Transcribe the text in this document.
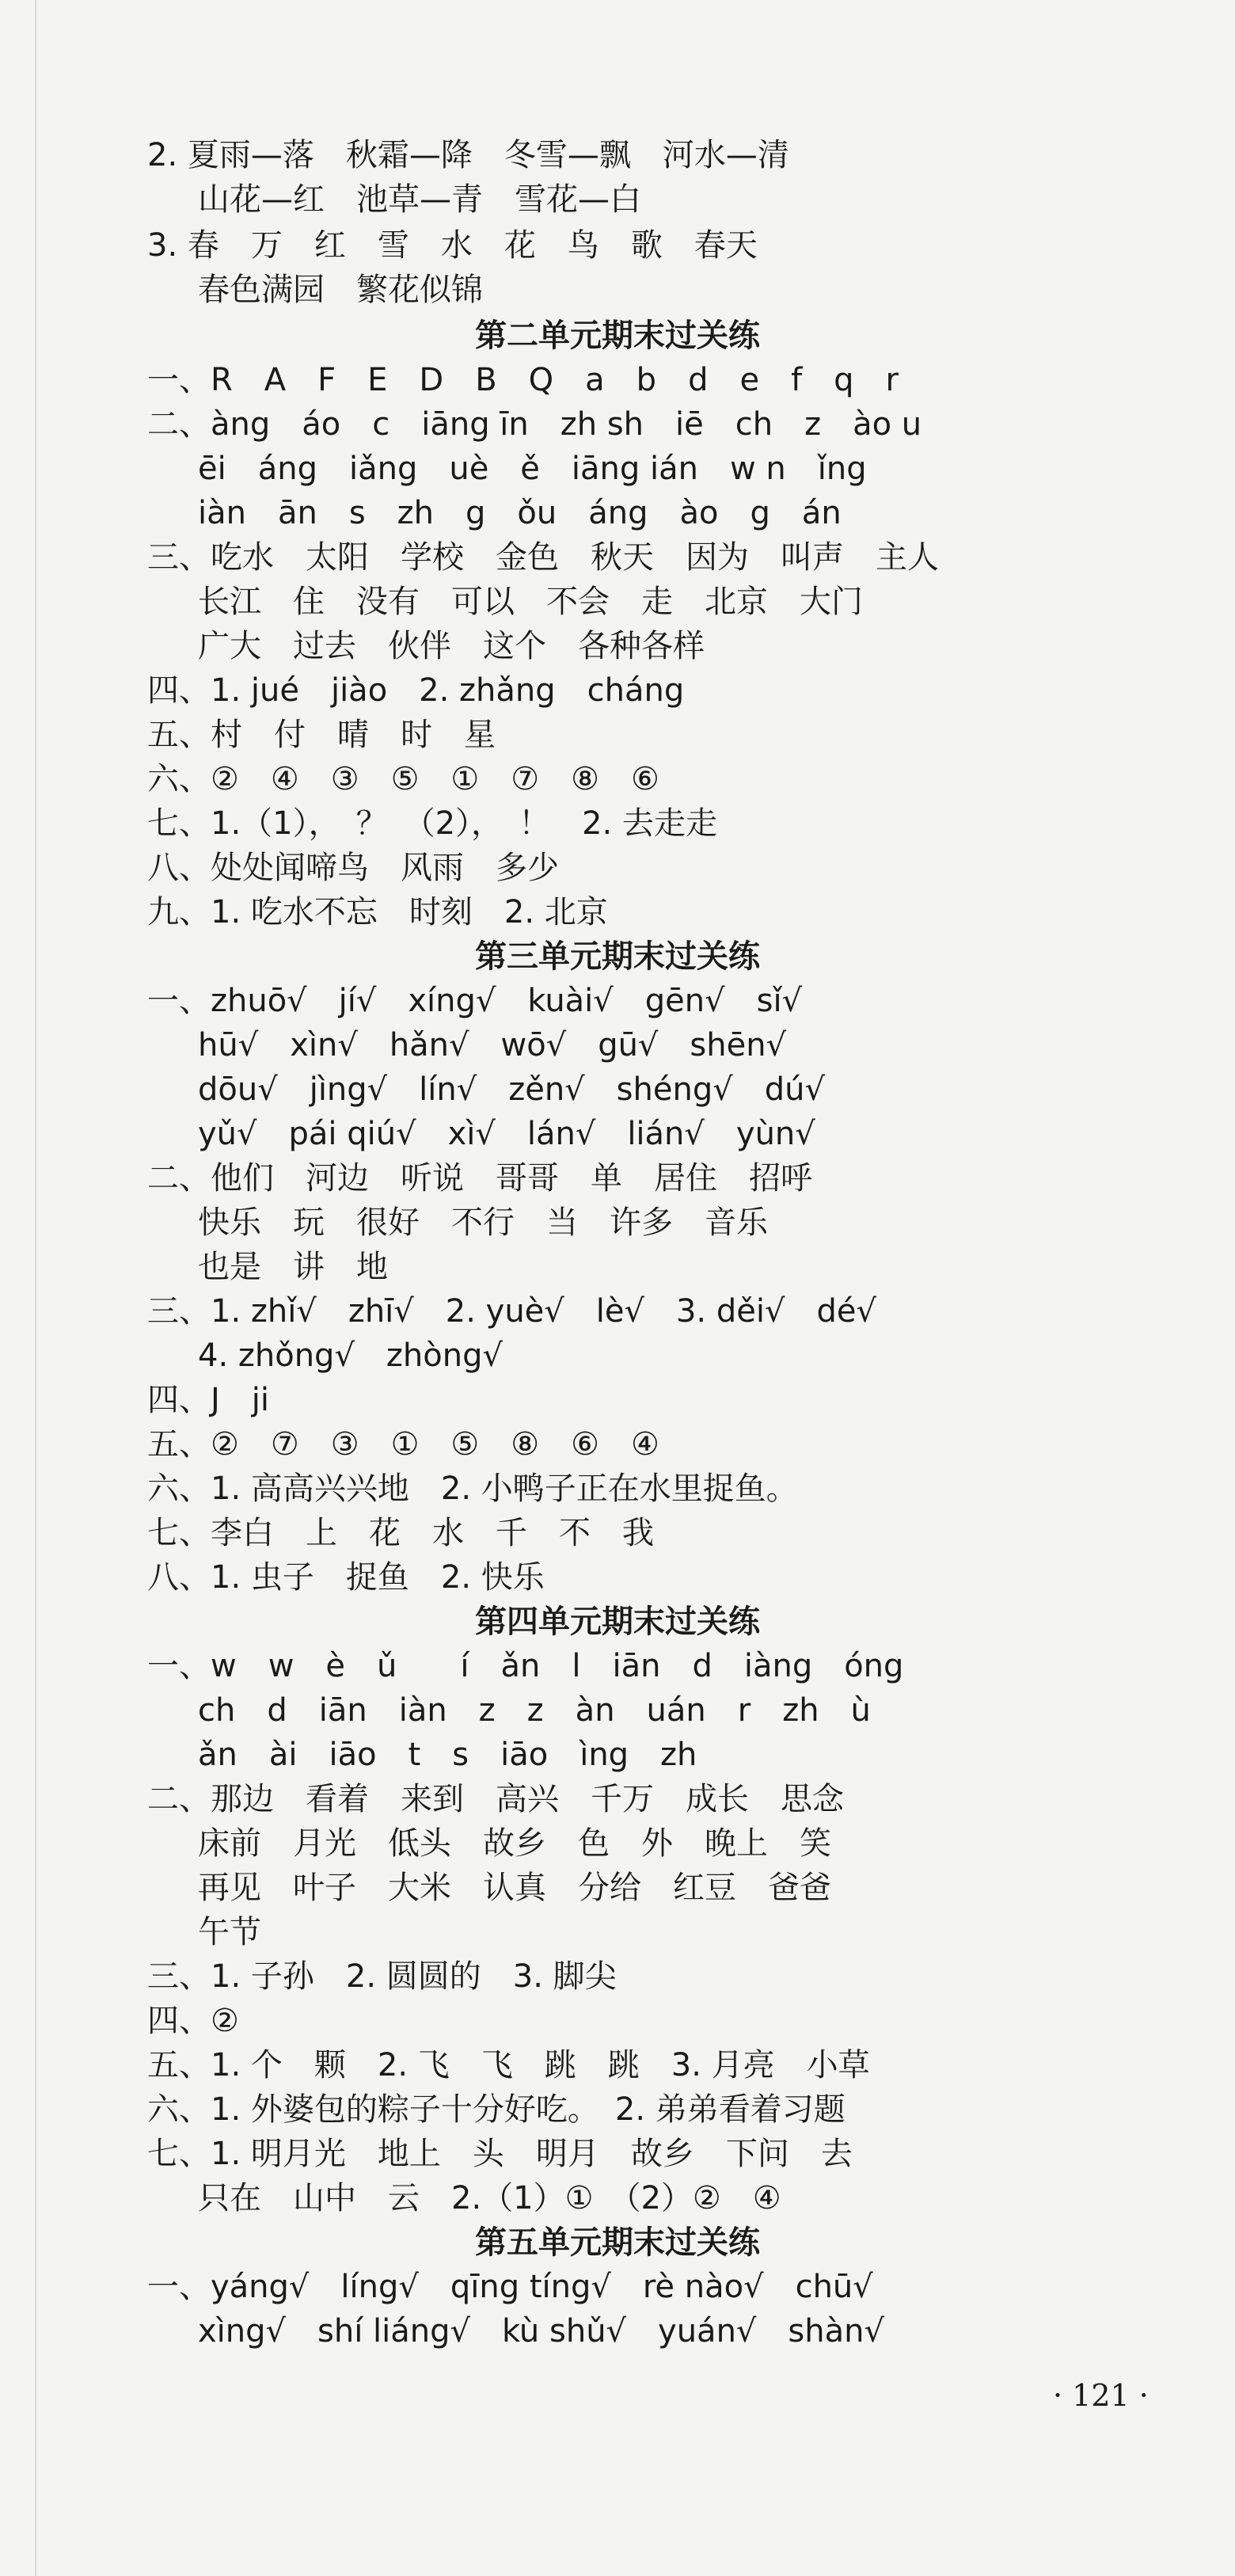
2. 夏雨—落　秋霜—降　冬雪—飘　河水—清
山花—红　池草—青　雪花—白
3. 春　万　红　雪　水　花　鸟　歌　春天
春色满园　繁花似锦
第二单元期末过关练
一、R　A　F　E　D　B　Q　a　b　d　e　f　q　r
二、àng　áo　c　iāng īn　zh sh　iē　ch　z　ào u
ēi　áng　iǎng　uè　ě　iāng ián　w n　ǐng
iàn　ān　s　zh　g　ǒu　áng　ào　g　án
三、吃水　太阳　学校　金色　秋天　因为　叫声　主人
长江　住　没有　可以　不会　走　北京　大门
广大　过去　伙伴　这个　各种各样
四、1. jué　jiào　2. zhǎng　cháng
五、村　付　晴　时　星
六、②　④　③　⑤　①　⑦　⑧　⑥
七、1.（1），　？　（2），　！　2. 去走走
八、处处闻啼鸟　风雨　多少
九、1. 吃水不忘　时刻　2. 北京
第三单元期末过关练
一、zhuō√　jí√　xíng√　kuài√　gēn√　sǐ√
hū√　xìn√　hǎn√　wō√　gū√　shēn√
dōu√　jìng√　lín√　zěn√　shéng√　dú√
yǔ√　pái qiú√　xì√　lán√　lián√　yùn√
二、他们　河边　听说　哥哥　单　居住　招呼
快乐　玩　很好　不行　当　许多　音乐
也是　讲　地
三、1. zhǐ√　zhī√　2. yuè√　lè√　3. děi√　dé√
4. zhǒng√　zhòng√
四、J　ji
五、②　⑦　③　①　⑤　⑧　⑥　④
六、1. 高高兴兴地　2. 小鸭子正在水里捉鱼。
七、李白　上　花　水　千　不　我
八、1. 虫子　捉鱼　2. 快乐
第四单元期末过关练
一、w　w　è　ǔ　　í　ǎn　l　iān　d　iàng　óng
ch　d　iān　iàn　z　z　àn　uán　r　zh　ù
ǎn　ài　iāo　t　s　iāo　ìng　zh
二、那边　看着　来到　高兴　千万　成长　思念
床前　月光　低头　故乡　色　外　晚上　笑
再见　叶子　大米　认真　分给　红豆　爸爸
午节
三、1. 子孙　2. 圆圆的　3. 脚尖
四、②
五、1. 个　颗　2. 飞　飞　跳　跳　3. 月亮　小草
六、1. 外婆包的粽子十分好吃。　2. 弟弟看着习题
七、1. 明月光　地上　头　明月　故乡　下问　去
只在　山中　云　2.（1）①　（2）②　④
第五单元期末过关练
一、yáng√　líng√　qīng tíng√　rè nào√　chū√
xìng√　shí liáng√　kù shǔ√　yuán√　shàn√
· 121 ·
